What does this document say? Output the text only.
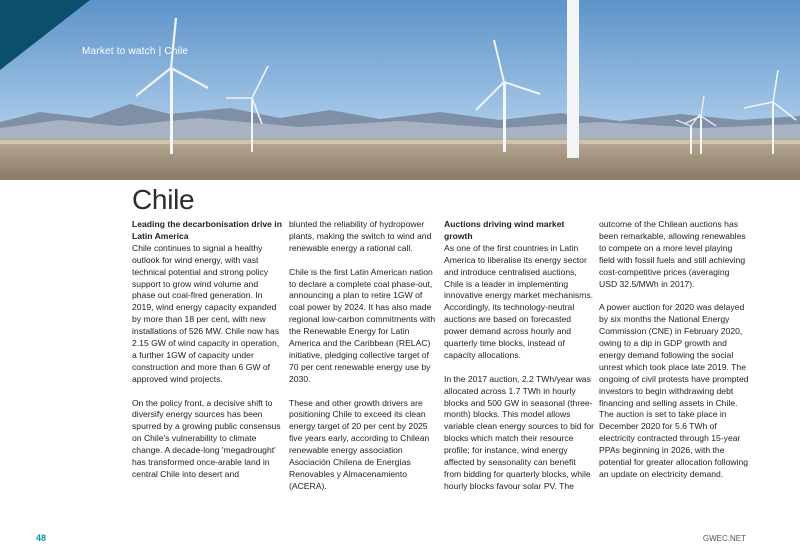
Market to watch | Chile
Chile
Leading the decarbonisation drive in Latin America

Chile continues to signal a healthy outlook for wind energy, with vast technical potential and strong policy support to grow wind volume and phase out coal-fired generation. In 2019, wind energy capacity expanded by more than 18 per cent, with new installations of 526 MW. Chile now has 2.15 GW of wind capacity in operation, a further 1GW of capacity under construction and more than 6 GW of approved wind projects.

On the policy front, a decisive shift to diversify energy sources has been spurred by a growing public consensus on Chile's vulnerability to climate change. A decade-long 'megadrought' has transformed once-arable land in central Chile into desert and

blunted the reliability of hydropower plants, making the switch to wind and renewable energy a rational call.

Chile is the first Latin American nation to declare a complete coal phase-out, announcing a plan to retire 1GW of coal power by 2024. It has also made regional low-carbon commitments with the Renewable Energy for Latin America and the Caribbean (RELAC) initiative, pledging collective target of 70 per cent renewable energy use by 2030.

These and other growth drivers are positioning Chile to exceed its clean energy target of 20 per cent by 2025 five years early, according to Chilean renewable energy association Asociación Chilena de Energías Renovables y Almacenamiento (ACERA).

Auctions driving wind market growth

As one of the first countries in Latin America to liberalise its energy sector and introduce centralised auctions, Chile is a leader in implementing innovative energy market mechanisms. Accordingly, its technology-neutral auctions are based on forecasted power demand across hourly and quarterly time blocks, instead of capacity allocations.

In the 2017 auction, 2.2 TWh/year was allocated across 1.7 TWh in hourly blocks and 500 GW in seasonal (three-month) blocks. This model allows variable clean energy sources to bid for blocks which match their resource profile; for instance, wind energy affected by seasonality can benefit from bidding for quarterly blocks, while hourly blocks favour solar PV. The

outcome of the Chilean auctions has been remarkable, allowing renewables to compete on a more level playing field with fossil fuels and still achieving cost-competitive prices (averaging USD 32.5/MWh in 2017).

A power auction for 2020 was delayed by six months the National Energy Commission (CNE) in February 2020, owing to a dip in GDP growth and energy demand following the social unrest which took place late 2019. The ongoing of civil protests have prompted investors to begin withdrawing debt financing and selling assets in Chile. The auction is set to take place in December 2020 for 5.6 TWh of electricity contracted through 15-year PPAs beginning in 2026, with the potential for greater allocation following an update on electricity demand.

48	GWEC.NET
